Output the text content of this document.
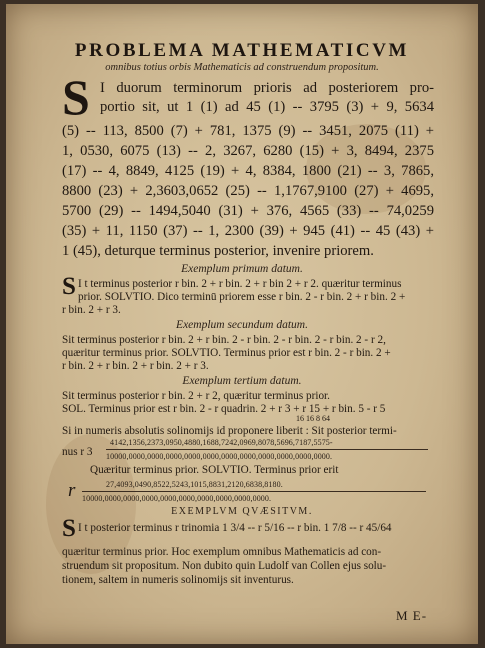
PROBLEMA MATHEMATICVM
omnibus totius orbis Mathematicis ad construendum propositum.
S I duorum terminorum prioris ad posteriorem pro-
portio sit, ut 1 (1) ad 45 (1) -- 3795 (3) + 9, 5634
(5) -- 113, 8500 (7) + 781, 1375 (9) -- 3451, 2075 (11) +
1, 0530, 6075 (13) -- 2, 3267, 6280 (15) + 3, 8494, 2375
(17) -- 4, 8849, 4125 (19) + 4, 8384, 1800 (21) -- 3, 7865,
8800 (23) + 2,3603,0652 (25) -- 1,1767,9100 (27) + 4695,
5700 (29) -- 1494,5040 (31) + 376, 4565 (33) -- 74,0259
(35) + 11, 1150 (37) -- 1, 2300 (39) + 945 (41) -- 45 (43) +
1 (45), deturque terminus posterior, invenire priorem.
Exemplum primum datum.
S I t terminus posterior r bin. 2 + r bin. 2 + r bin 2 + r 2. quæritur terminus
prior. SOLVTIO. Dico terminū priorem esse r bin. 2 - r bin. 2 + r bin. 2 +
r bin. 2 + r 3.
Exemplum secundum datum.
Sit terminus posterior r bin. 2 + r bin. 2 - r bin. 2 - r bin. 2 - r bin. 2 - r 2,
quæritur terminus prior. SOLVTIO. Terminus prior est r bin. 2 - r bin. 2 +
r bin. 2 + r bin. 2 + r bin. 2 + r 3.
Exemplum tertium datum.
Sit terminus posterior r bin. 2 + r 2, quæritur terminus prior.
SOL. Terminus prior est r bin. 2 - r quadrin. 2 + r 3 + r 15 + r bin. 5 - r 5
16 16 8 64
Si in numeris absolutis solinomijs id proponere liberit : Sit posterior termi-
nus r 3
4142,1356,2373,0950,4880,1688,7242,0969,8078,5696,7187,5575-
10000,0000,0000,0000,0000,0000,0000,0000,0000,0000,0000,0000.
Quæritur terminus prior. SOLVTIO. Terminus prior erit
r	27,4093,0490,8522,5243,1015,8831,2120,6838,8180.
10000,0000,0000,0000,0000,0000,0000,0000,0000,0000.
EXEMPLVM QVÆSITVM.
S I t posterior terminus r trinomia 1 3/4 -- r 5/16 -- r bin. 1 7/8 -- r 45/64
quæritur terminus prior. Hoc exemplum omnibus Mathematicis ad con-
struendum sit propositum. Non dubito quin Ludolf van Collen ejus solu-
tionem, saltem in numeris solinomijs sit inventurus.
M E-
